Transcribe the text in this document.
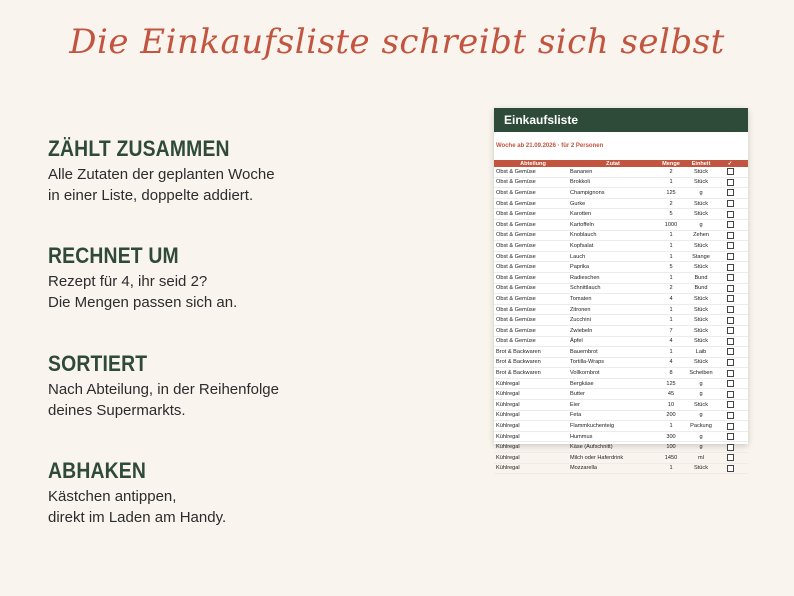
Die Einkaufsliste schreibt sich selbst
ZÄHLT ZUSAMMEN

Alle Zutaten der geplanten Woche
in einer Liste, doppelte addiert.

RECHNET UM

Rezept für 4, ihr seid 2?
Die Mengen passen sich an.

SORTIERT

Nach Abteilung, in der Reihenfolge
deines Supermarkts.

ABHAKEN

Kästchen antippen,
direkt im Laden am Handy.

Einkaufsliste
Woche ab 21.09.2026 · für 2 Personen
Abteilung	Zutat	Menge	Einheit	✓
Obst & Gemüse	Bananen	2	Stück
Obst & Gemüse	Brokkoli	1	Stück
Obst & Gemüse	Champignons	125	g
Obst & Gemüse	Gurke	2	Stück
Obst & Gemüse	Karotten	5	Stück
Obst & Gemüse	Kartoffeln	1000	g
Obst & Gemüse	Knoblauch	1	Zehen
Obst & Gemüse	Kopfsalat	1	Stück
Obst & Gemüse	Lauch	1	Stange
Obst & Gemüse	Paprika	5	Stück
Obst & Gemüse	Radieschen	1	Bund
Obst & Gemüse	Schnittlauch	2	Bund
Obst & Gemüse	Tomaten	4	Stück
Obst & Gemüse	Zitronen	1	Stück
Obst & Gemüse	Zucchini	1	Stück
Obst & Gemüse	Zwiebeln	7	Stück
Obst & Gemüse	Äpfel	4	Stück
Brot & Backwaren	Bauernbrot	1	Laib
Brot & Backwaren	Tortilla-Wraps	4	Stück
Brot & Backwaren	Vollkornbrot	8	Scheiben
Kühlregal	Bergkäse	125	g
Kühlregal	Butter	45	g
Kühlregal	Eier	10	Stück
Kühlregal	Feta	200	g
Kühlregal	Flammkuchenteig	1	Packung
Kühlregal	Hummus	300	g
Kühlregal	Käse (Aufschnitt)	100	g
Kühlregal	Milch oder Haferdrink	1450	ml
Kühlregal	Mozzarella	1	Stück
